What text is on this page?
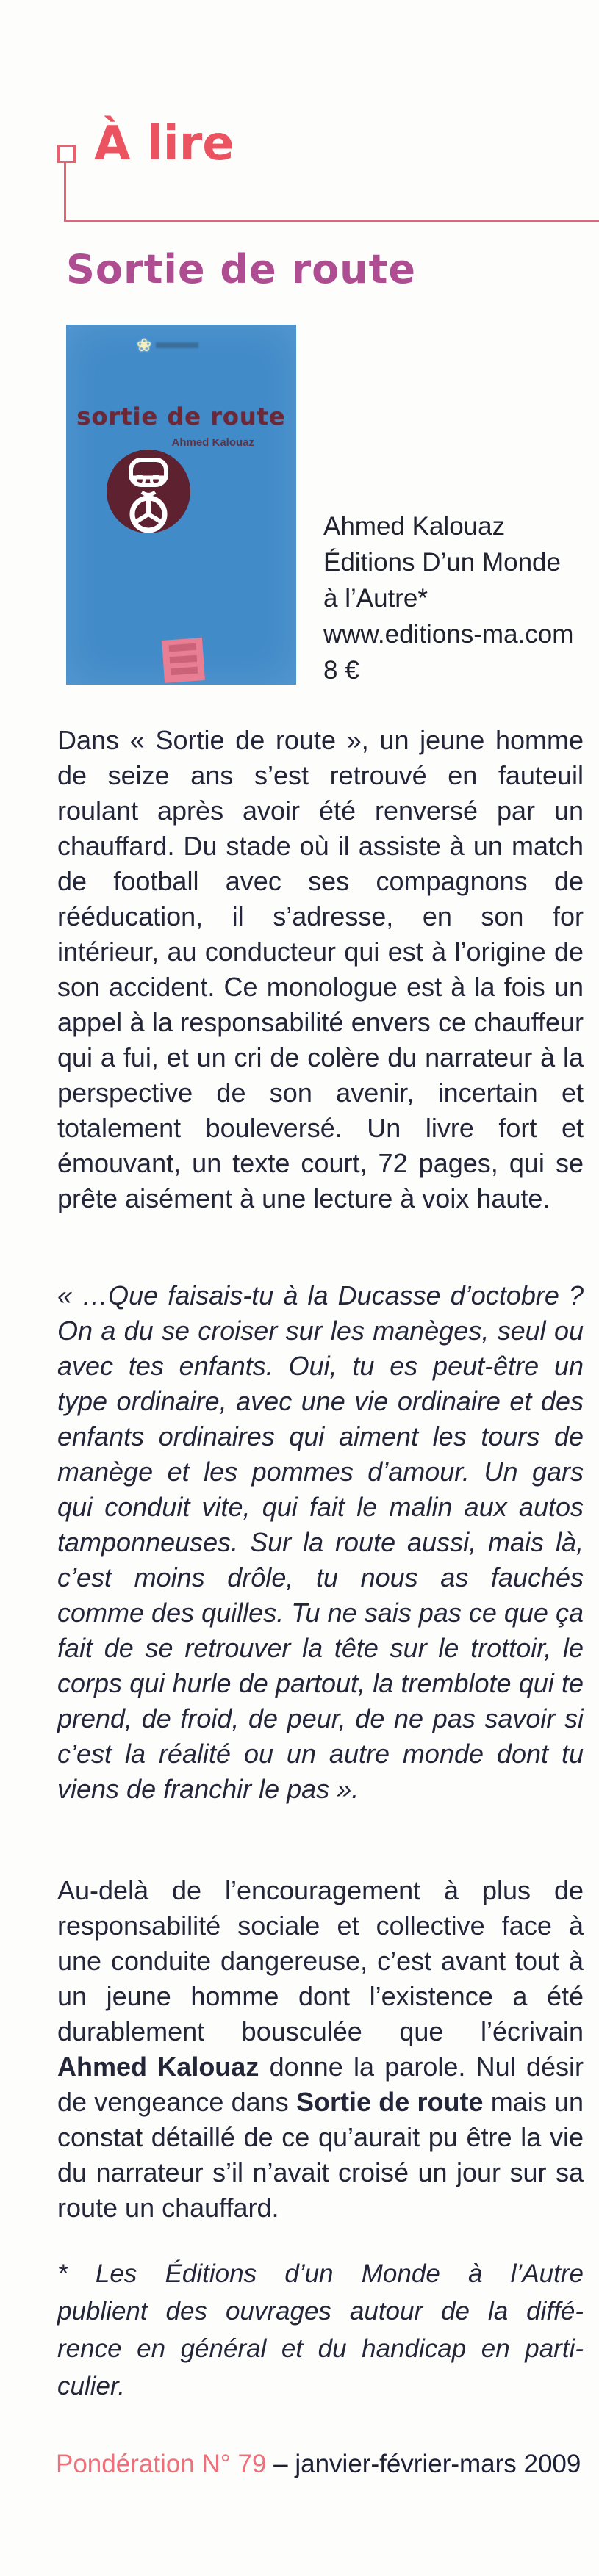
À lire
Sortie de route
❀
sortie de route
Ahmed Kalouaz
Ahmed Kalouaz
Éditions D’un Monde
à l’Autre*
www.editions-ma.com
8 €
Dans « Sortie de route », un jeune homme de seize ans s’est retrouvé en fauteuil roulant après avoir été renversé par un chauffard. Du stade où il assiste à un match de football avec ses compagnons de rééducation, il s’adresse, en son for intérieur, au conducteur qui est à l’origine de son accident. Ce monologue est à la fois un appel à la responsabilité envers ce chauffeur qui a fui, et un cri de colère du narrateur à la perspective de son avenir, incertain et totalement bouleversé. Un livre fort et émouvant, un texte court, 72 pages, qui se prête aisément à une lecture à voix haute.
« …Que faisais-tu à la Ducasse d’octobre ? On a du se croiser sur les manèges, seul ou avec tes enfants. Oui, tu es peut-être un type ordinaire, avec une vie ordinaire et des enfants ordinaires qui aiment les tours de manège et les pommes d’amour. Un gars qui conduit vite, qui fait le malin aux autos tamponneuses. Sur la route aussi, mais là, c’est moins drôle, tu nous as fauchés comme des quilles. Tu ne sais pas ce que ça fait de se retrouver la tête sur le trottoir, le corps qui hurle de partout, la tremblote qui te prend, de froid, de peur, de ne pas savoir si c’est la réalité ou un autre monde dont tu viens de franchir le pas ».
Au-delà de l’encouragement à plus de responsabilité sociale et collective face à une conduite dangereuse, c’est avant tout à un jeune homme dont l’existence a été durablement bousculée que l’écrivain Ahmed Kalouaz donne la parole. Nul désir de vengeance dans Sortie de route mais un constat détaillé de ce qu’aurait pu être la vie du narrateur s’il n’avait croisé un jour sur sa route un chauffard.
* Les Éditions d’un Monde à l’Autre
publient des ouvrages autour de la diffé-
rence en général et du handicap en parti-
culier.
Pondération N° 79 – janvier-février-mars 2009
